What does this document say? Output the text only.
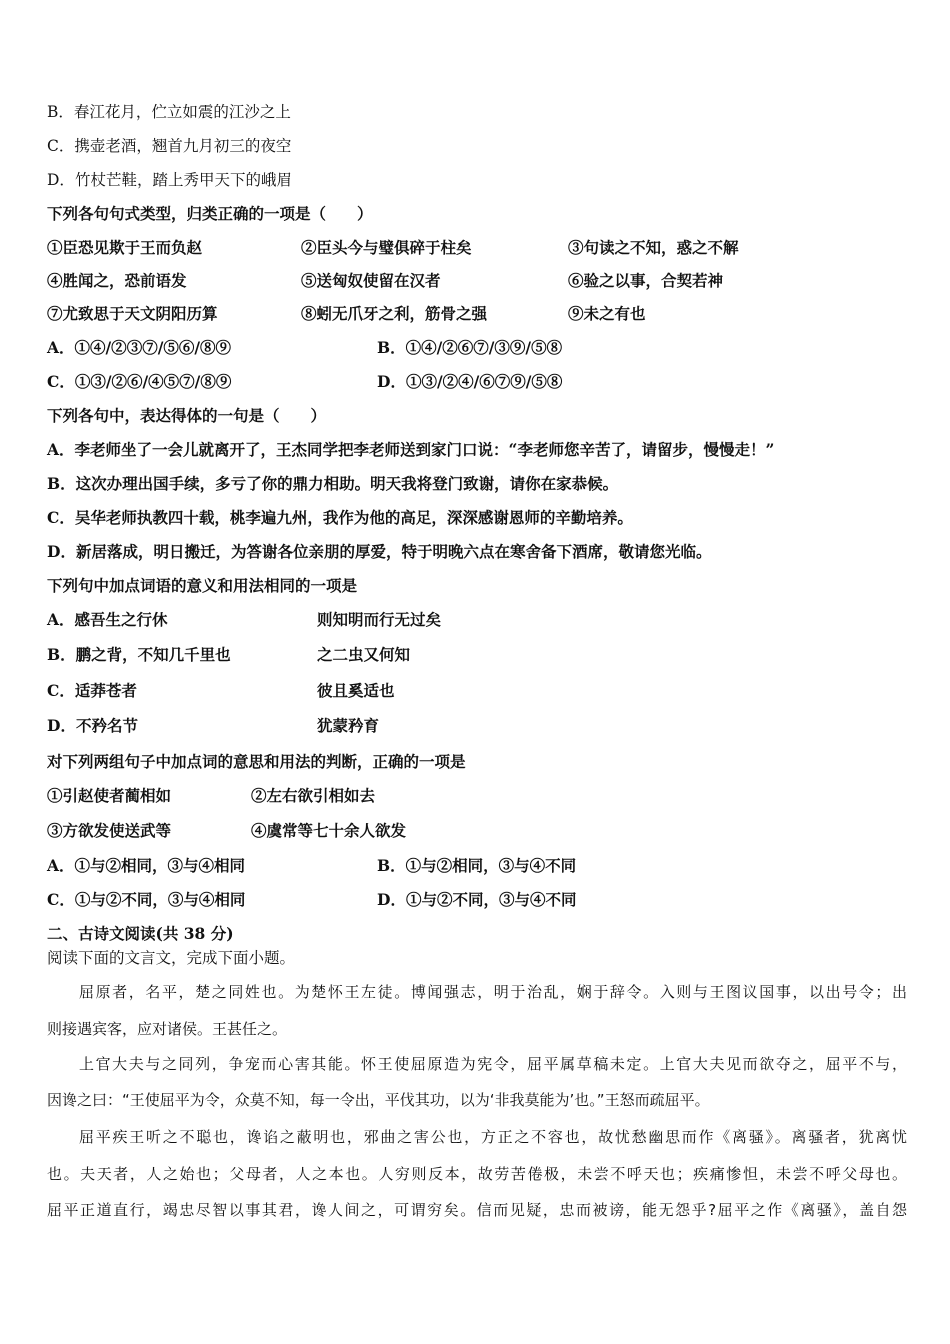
B．春江花月，伫立如震的江沙之上
C．携壶老酒，翘首九月初三的夜空
D．竹杖芒鞋，踏上秀甲天下的峨眉
下列各句句式类型，归类正确的一项是（　　）
①臣恐见欺于王而负赵	②臣头今与璧俱碎于柱矣	③句读之不知，惑之不解
④胜闻之，恐前语发	⑤送匈奴使留在汉者	⑥验之以事，合契若神
⑦尤致思于天文阴阳历算	⑧蚓无爪牙之利，筋骨之强	⑨未之有也
A．①④/②③⑦/⑤⑥/⑧⑨	B．①④/②⑥⑦/③⑨/⑤⑧
C．①③/②⑥/④⑤⑦/⑧⑨	D．①③/②④/⑥⑦⑨/⑤⑧
下列各句中，表达得体的一句是（　　）
A．李老师坐了一会儿就离开了，王杰同学把李老师送到家门口说：“李老师您辛苦了，请留步，慢慢走！”
B．这次办理出国手续，多亏了你的鼎力相助。明天我将登门致谢，请你在家恭候。
C．吴华老师执教四十载，桃李遍九州，我作为他的高足，深深感谢恩师的辛勤培养。
D．新居落成，明日搬迁，为答谢各位亲朋的厚爱，特于明晚六点在寒舍备下酒席，敬请您光临。
下列句中加点词语的意义和用法相同的一项是
A．感吾生之行休	则知明而行无过矣
B．鹏之背，不知几千里也	之二虫又何知
C．适莽苍者	彼且奚适也
D．不矜名节	犹蒙矜育
对下列两组句子中加点词的意思和用法的判断，正确的一项是
①引赵使者蔺相如	②左右欲引相如去
③方欲发使送武等	④虞常等七十余人欲发
A．①与②相同，③与④相同	B．①与②相同，③与④不同
C．①与②不同，③与④相同	D．①与②不同，③与④不同
二、古诗文阅读(共 38 分)
阅读下面的文言文，完成下面小题。
屈原者，名平，楚之同姓也。为楚怀王左徒。博闻强志，明于治乱，娴于辞令。入则与王图议国事，以出号令；出
则接遇宾客，应对诸侯。王甚任之。
上官大夫与之同列，争宠而心害其能。怀王使屈原造为宪令，屈平属草稿未定。上官大夫见而欲夺之，屈平不与，
因谗之曰：“王使屈平为令，众莫不知，每一令出，平伐其功，以为‘非我莫能为’也。”王怒而疏屈平。
屈平疾王听之不聪也，谗谄之蔽明也，邪曲之害公也，方正之不容也，故忧愁幽思而作《离骚》。离骚者，犹离忧
也。夫天者，人之始也；父母者，人之本也。人穷则反本，故劳苦倦极，未尝不呼天也；疾痛惨怛，未尝不呼父母也。
屈平正道直行，竭忠尽智以事其君，谗人间之，可谓穷矣。信而见疑，忠而被谤，能无怨乎?屈平之作《离骚》，盖自怨
